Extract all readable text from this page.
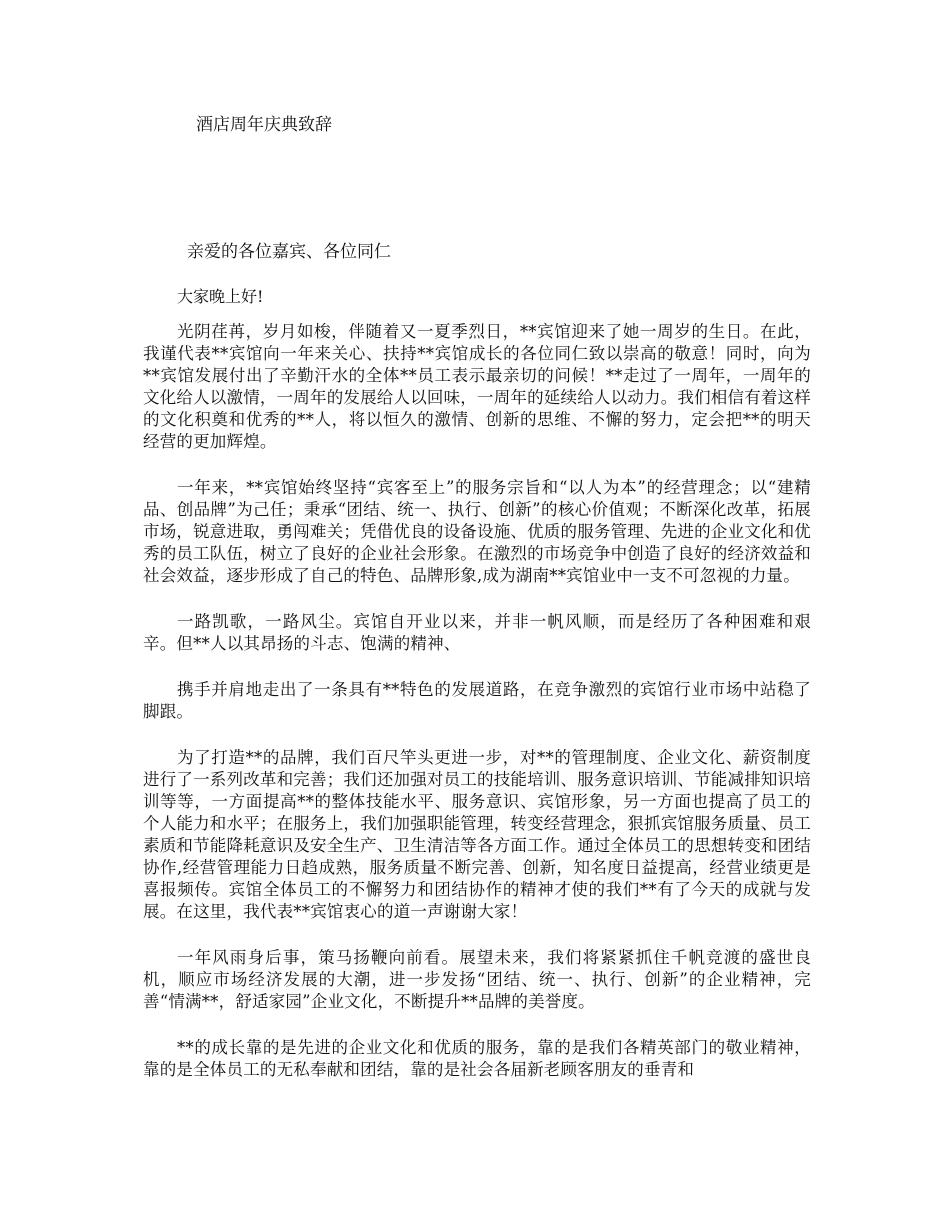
酒店周年庆典致辞

亲爱的各位嘉宾、各位同仁

大家晚上好!

光阴荏苒，岁月如梭，伴随着又一夏季烈日，**宾馆迎来了她一周岁的生日。在此，我谨代表**宾馆向一年来关心、扶持**宾馆成长的各位同仁致以崇高的敬意！同时，向为**宾馆发展付出了辛勤汗水的全体**员工表示最亲切的问候！**走过了一周年，一周年的文化给人以激情，一周年的发展给人以回味，一周年的延续给人以动力。我们相信有着这样的文化积奠和优秀的**人，将以恒久的激情、创新的思维、不懈的努力，定会把**的明天经营的更加辉煌。

一年来，**宾馆始终坚持“宾客至上”的服务宗旨和“以人为本”的经营理念；以“建精品、创品牌”为己任；秉承“团结、统一、执行、创新”的核心价值观；不断深化改革，拓展市场，锐意进取，勇闯难关；凭借优良的设备设施、优质的服务管理、先进的企业文化和优秀的员工队伍，树立了良好的企业社会形象。在激烈的市场竞争中创造了良好的经济效益和社会效益，逐步形成了自己的特色、品牌形象,成为湖南**宾馆业中一支不可忽视的力量。

一路凯歌，一路风尘。宾馆自开业以来，并非一帆风顺，而是经历了各种困难和艰辛。但**人以其昂扬的斗志、饱满的精神、

携手并肩地走出了一条具有**特色的发展道路，在竞争激烈的宾馆行业市场中站稳了脚跟。

为了打造**的品牌，我们百尺竿头更进一步，对**的管理制度、企业文化、薪资制度进行了一系列改革和完善；我们还加强对员工的技能培训、服务意识培训、节能减排知识培训等等，一方面提高**的整体技能水平、服务意识、宾馆形象，另一方面也提高了员工的个人能力和水平；在服务上，我们加强职能管理，转变经营理念，狠抓宾馆服务质量、员工素质和节能降耗意识及安全生产、卫生清洁等各方面工作。通过全体员工的思想转变和团结协作,经营管理能力日趋成熟，服务质量不断完善、创新，知名度日益提高，经营业绩更是喜报频传。宾馆全体员工的不懈努力和团结协作的精神才使的我们**有了今天的成就与发展。在这里，我代表**宾馆衷心的道一声谢谢大家！

一年风雨身后事，策马扬鞭向前看。展望未来，我们将紧紧抓住千帆竞渡的盛世良机，顺应市场经济发展的大潮，进一步发扬“团结、统一、执行、创新”的企业精神，完善“情满**，舒适家园”企业文化，不断提升**品牌的美誉度。

**的成长靠的是先进的企业文化和优质的服务，靠的是我们各精英部门的敬业精神，靠的是全体员工的无私奉献和团结，靠的是社会各届新老顾客朋友的垂青和
